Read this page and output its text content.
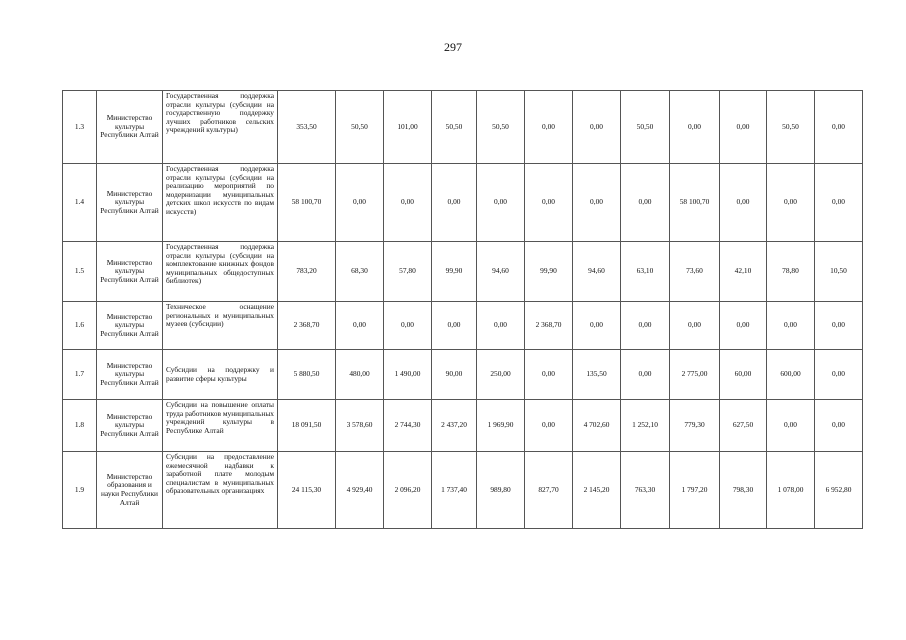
297
1.3	Министерство культуры Республики Алтай	Государственная поддержка отрасли культуры (субсидии на государственную поддержку лучших работников сельских учреждений культуры)	353,50	50,50	101,00	50,50	50,50	0,00	0,00	50,50	0,00	0,00	50,50	0,00
1.4	Министерство культуры Республики Алтай	Государственная поддержка отрасли культуры (субсидии на реализацию мероприятий по модернизации муниципальных детских школ искусств по видам искусств)	58 100,70	0,00	0,00	0,00	0,00	0,00	0,00	0,00	58 100,70	0,00	0,00	0,00
1.5	Министерство культуры Республики Алтай	Государственная поддержка отрасли культуры (субсидии на комплектование книжных фондов муниципальных общедоступных библиотек)	783,20	68,30	57,80	99,90	94,60	99,90	94,60	63,10	73,60	42,10	78,80	10,50
1.6	Министерство культуры Республики Алтай	Техническое оснащение региональных и муниципальных музеев (субсидии)	2 368,70	0,00	0,00	0,00	0,00	2 368,70	0,00	0,00	0,00	0,00	0,00	0,00
1.7	Министерство культуры Республики Алтай	Субсидии на поддержку и развитие сферы культуры	5 880,50	480,00	1 490,00	90,00	250,00	0,00	135,50	0,00	2 775,00	60,00	600,00	0,00
1.8	Министерство культуры Республики Алтай	Субсидии на повышение оплаты труда работников муниципальных учреждений культуры в Республике Алтай	18 091,50	3 578,60	2 744,30	2 437,20	1 969,90	0,00	4 702,60	1 252,10	779,30	627,50	0,00	0,00
1.9	Министерство образования и науки Республики Алтай	Субсидии на предоставление ежемесячной надбавки к заработной плате молодым специалистам в муниципальных образовательных организациях	24 115,30	4 929,40	2 096,20	1 737,40	989,80	827,70	2 145,20	763,30	1 797,20	798,30	1 078,00	6 952,80
